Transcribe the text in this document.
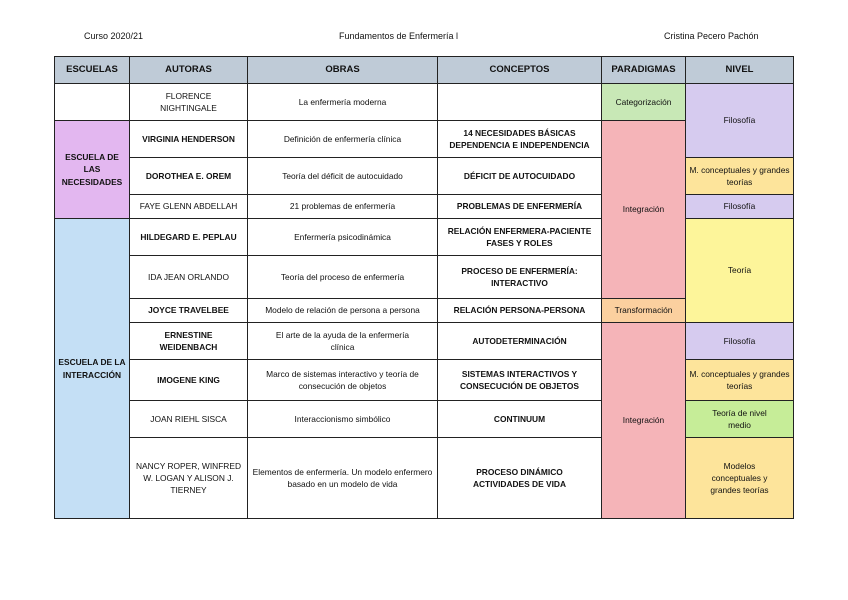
Curso 2020/21	Fundamentos de Enfermería l	Cristina Pecero Pachón
ESCUELAS	AUTORAS	OBRAS	CONCEPTOS	PARADIGMAS	NIVEL
	FLORENCE NIGHTINGALE	La enfermería moderna		Categorización	Filosofía
ESCUELA DE LAS NECESIDADES	VIRGINIA HENDERSON	Definición de enfermería clínica	14 NECESIDADES BÁSICAS DEPENDENCIA E INDEPENDENCIA	Integración	
	DOROTHEA E. OREM	Teoría del déficit de autocuidado	DÉFICIT DE AUTOCUIDADO		M. conceptuales y grandes teorías
	FAYE GLENN ABDELLAH	21 problemas de enfermería	PROBLEMAS DE ENFERMERÍA		Filosofía
ESCUELA DE LA INTERACCIÓN	HILDEGARD E. PEPLAU	Enfermería psicodinámica	RELACIÓN ENFERMERA-PACIENTE FASES Y ROLES		Teoría
	IDA JEAN ORLANDO	Teoría del proceso de enfermería	PROCESO DE ENFERMERÍA: INTERACTIVO		
	JOYCE TRAVELBEE	Modelo de relación de persona a persona	RELACIÓN PERSONA-PERSONA	Transformación	
	ERNESTINE WEIDENBACH	El arte de la ayuda de la enfermería clínica	AUTODETERMINACIÓN	Integración	Filosofía
	IMOGENE KING	Marco de sistemas interactivo y teoría de consecución de objetos	SISTEMAS INTERACTIVOS Y CONSECUCIÓN DE OBJETOS		M. conceptuales y grandes teorías
	JOAN RIEHL SISCA	Interaccionismo simbólico	CONTINUUM		Teoría de nivel medio
	NANCY ROPER, WINFRED W. LOGAN Y ALISON J. TIERNEY	Elementos de enfermería. Un modelo enfermero basado en un modelo de vida	PROCESO DINÁMICO ACTIVIDADES DE VIDA		Modelos conceptuales y grandes teorías
